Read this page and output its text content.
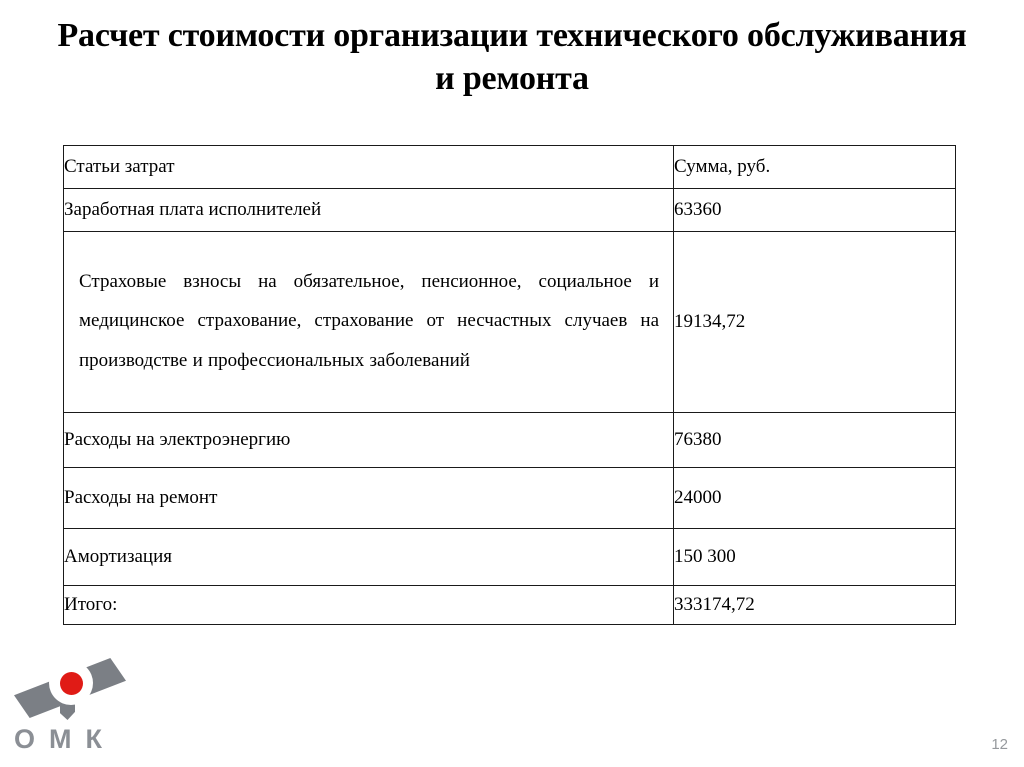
Расчет стоимости организации технического обслуживания и ремонта
Статьи затрат	Сумма, руб.
Заработная плата исполнителей	63360
Страховые взносы на обязательное, пенсионное, социальное и медицинское страхование, страхование от несчастных случаев на производстве и профессиональных заболеваний	19134,72
Расходы на электроэнергию	76380
Расходы на ремонт	24000
Амортизация	150 300
Итого:	333174,72
ОМК	12
